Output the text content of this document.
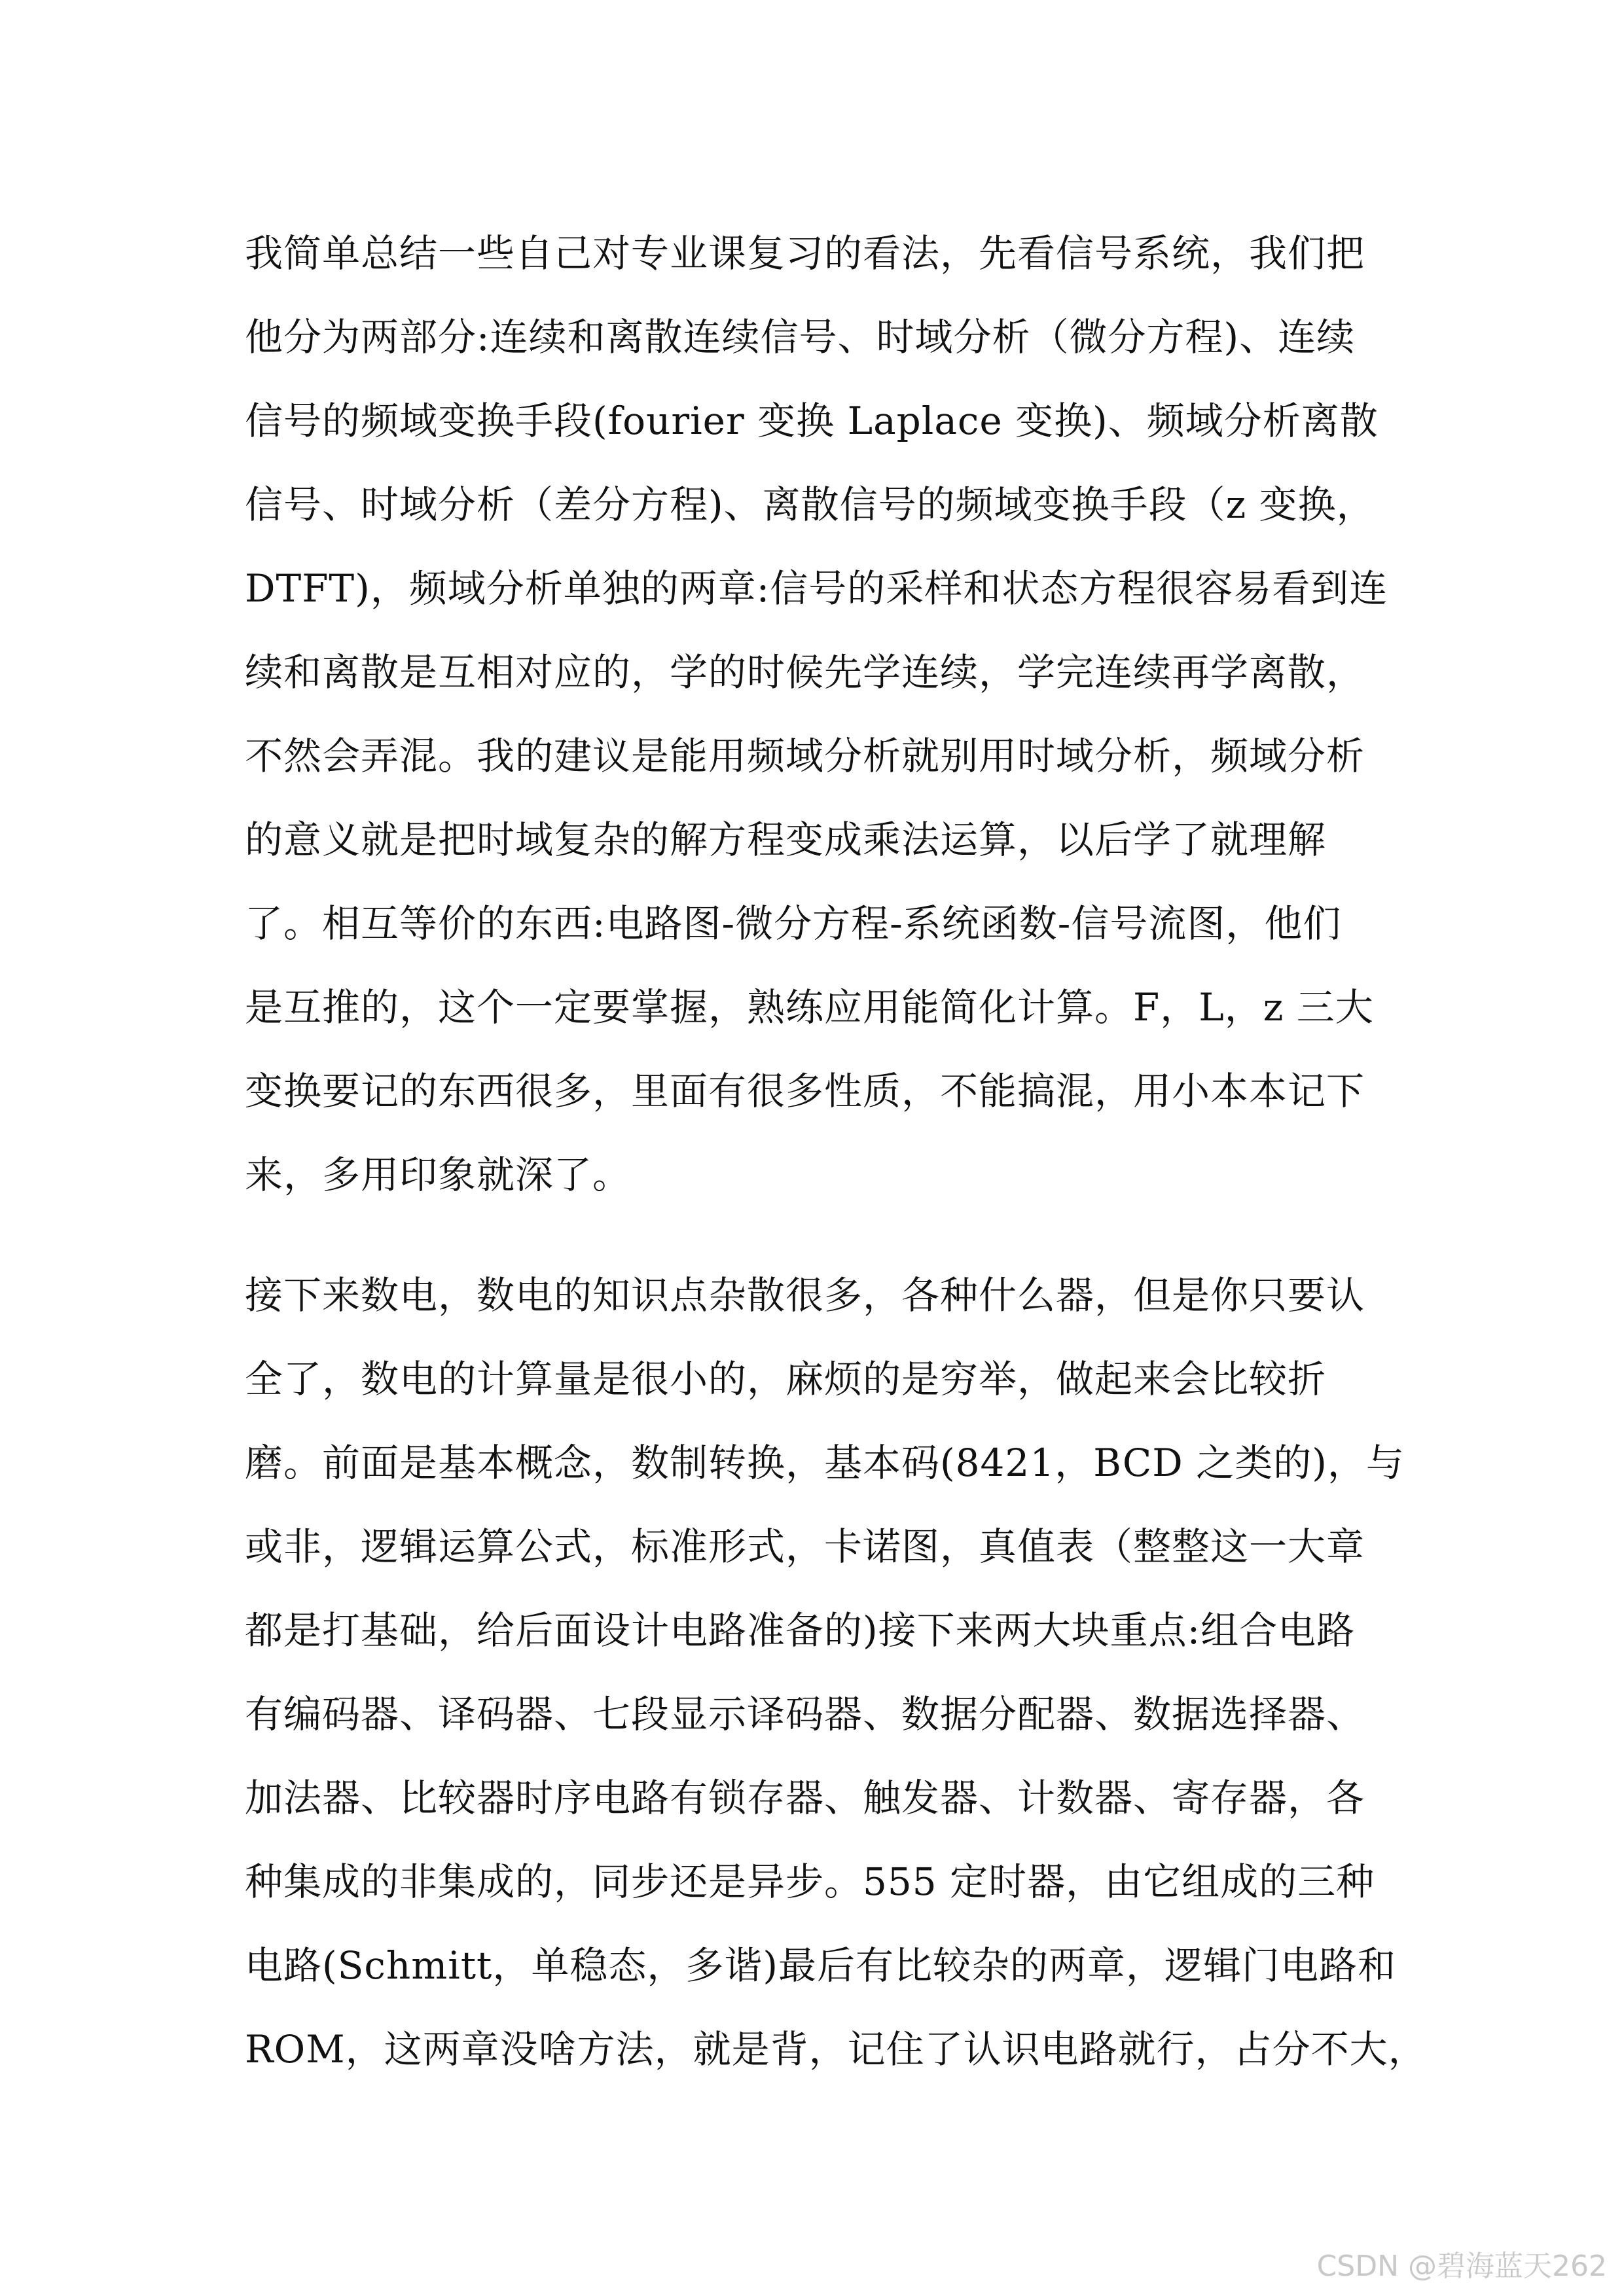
我简单总结一些自己对专业课复习的看法，先看信号系统，我们把
他分为两部分:连续和离散连续信号、时域分析（微分方程)、连续
信号的频域变换手段(fourier 变换 Laplace 变换)、频域分析离散
信号、时域分析（差分方程)、离散信号的频域变换手段（z 变换，
DTFT)，频域分析单独的两章:信号的采样和状态方程很容易看到连
续和离散是互相对应的，学的时候先学连续，学完连续再学离散，
不然会弄混。我的建议是能用频域分析就别用时域分析，频域分析
的意义就是把时域复杂的解方程变成乘法运算，以后学了就理解
了。相互等价的东西:电路图-微分方程-系统函数-信号流图，他们
是互推的，这个一定要掌握，熟练应用能简化计算。F，L，z 三大
变换要记的东西很多，里面有很多性质，不能搞混，用小本本记下
来，多用印象就深了。
接下来数电，数电的知识点杂散很多，各种什么器，但是你只要认
全了，数电的计算量是很小的，麻烦的是穷举，做起来会比较折
磨。前面是基本概念，数制转换，基本码(8421，BCD 之类的)，与
或非，逻辑运算公式，标准形式，卡诺图，真值表（整整这一大章
都是打基础，给后面设计电路准备的)接下来两大块重点:组合电路
有编码器、译码器、七段显示译码器、数据分配器、数据选择器、
加法器、比较器时序电路有锁存器、触发器、计数器、寄存器，各
种集成的非集成的，同步还是异步。555 定时器，由它组成的三种
电路(Schmitt，单稳态，多谐)最后有比较杂的两章，逻辑门电路和
ROM，这两章没啥方法，就是背，记住了认识电路就行，占分不大，
CSDN @碧海蓝天262
